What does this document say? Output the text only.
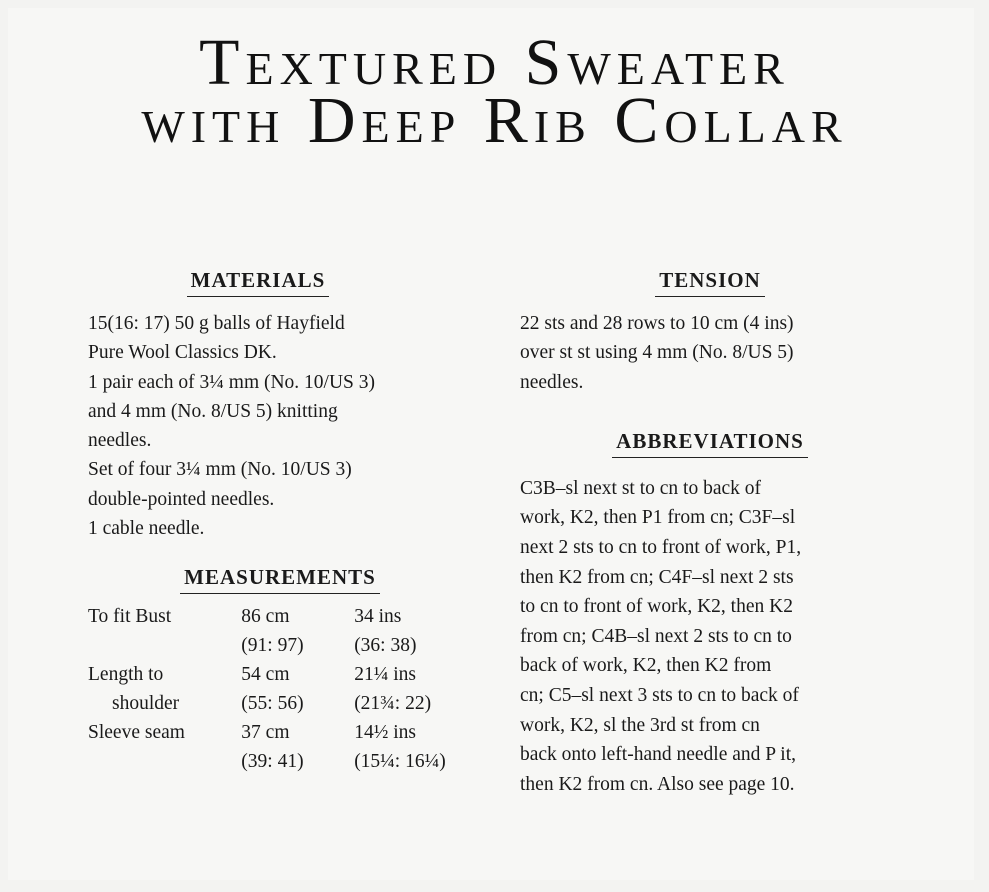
Textured Sweater
with Deep Rib Collar
MATERIALS
15(16: 17) 50 g balls of Hayfield
Pure Wool Classics DK.
1 pair each of 3¼ mm (No. 10/US 3)
and 4 mm (No. 8/US 5) knitting
needles.
Set of four 3¼ mm (No. 10/US 3)
double-pointed needles.
1 cable needle.
MEASUREMENTS
To fit Bust	86 cm	34 ins
	(91: 97)	(36: 38)
Length to	54 cm	21¼ ins
shoulder	(55: 56)	(21¾: 22)
Sleeve seam	37 cm	14½ ins
	(39: 41)	(15¼: 16¼)
TENSION
22 sts and 28 rows to 10 cm (4 ins)
over st st using 4 mm (No. 8/US 5)
needles.
ABBREVIATIONS
C3B–sl next st to cn to back of
work, K2, then P1 from cn; C3F–sl
next 2 sts to cn to front of work, P1,
then K2 from cn; C4F–sl next 2 sts
to cn to front of work, K2, then K2
from cn; C4B–sl next 2 sts to cn to
back of work, K2, then K2 from
cn; C5–sl next 3 sts to cn to back of
work, K2, sl the 3rd st from cn
back onto left-hand needle and P it,
then K2 from cn. Also see page 10.
